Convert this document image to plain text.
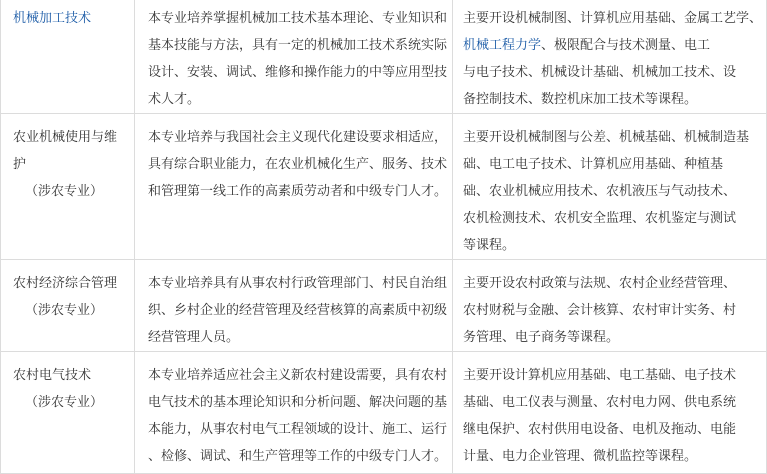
机械加工技术	本专业培养掌握机械加工技术基本理论、专业知识和
基本技能与方法，具有一定的机械加工技术系统实际
设计、安装、调试、维修和操作能力的中等应用型技
术人才。	主要开设机械制图、计算机应用基础、金属工艺学、
机械工程力学、极限配合与技术测量、电工
与电子技术、机械设计基础、机械加工技术、设
备控制技术、数控机床加工技术等课程。

农业机械使用与维
护
（涉农专业）	本专业培养与我国社会主义现代化建设要求相适应，
具有综合职业能力，在农业机械化生产、服务、技术
和管理第一线工作的高素质劳动者和中级专门人才。	主要开设机械制图与公差、机械基础、机械制造基
础、电工电子技术、计算机应用基础、种植基
础、农业机械应用技术、农机液压与气动技术、
农机检测技术、农机安全监理、农机鉴定与测试
等课程。

农村经济综合管理
（涉农专业）	本专业培养具有从事农村行政管理部门、村民自治组
织、乡村企业的经营管理及经营核算的高素质中初级
经营管理人员。	主要开设农村政策与法规、农村企业经营管理、
农村财税与金融、会计核算、农村审计实务、村
务管理、电子商务等课程。

农村电气技术
（涉农专业）	本专业培养适应社会主义新农村建设需要，具有农村
电气技术的基本理论知识和分析问题、解决问题的基
本能力，从事农村电气工程领域的设计、施工、运行
、检修、调试、和生产管理等工作的中级专门人才。	主要开设计算机应用基础、电工基础、电子技术
基础、电工仪表与测量、农村电力网、供电系统
继电保护、农村供用电设备、电机及拖动、电能
计量、电力企业管理、微机监控等课程。
